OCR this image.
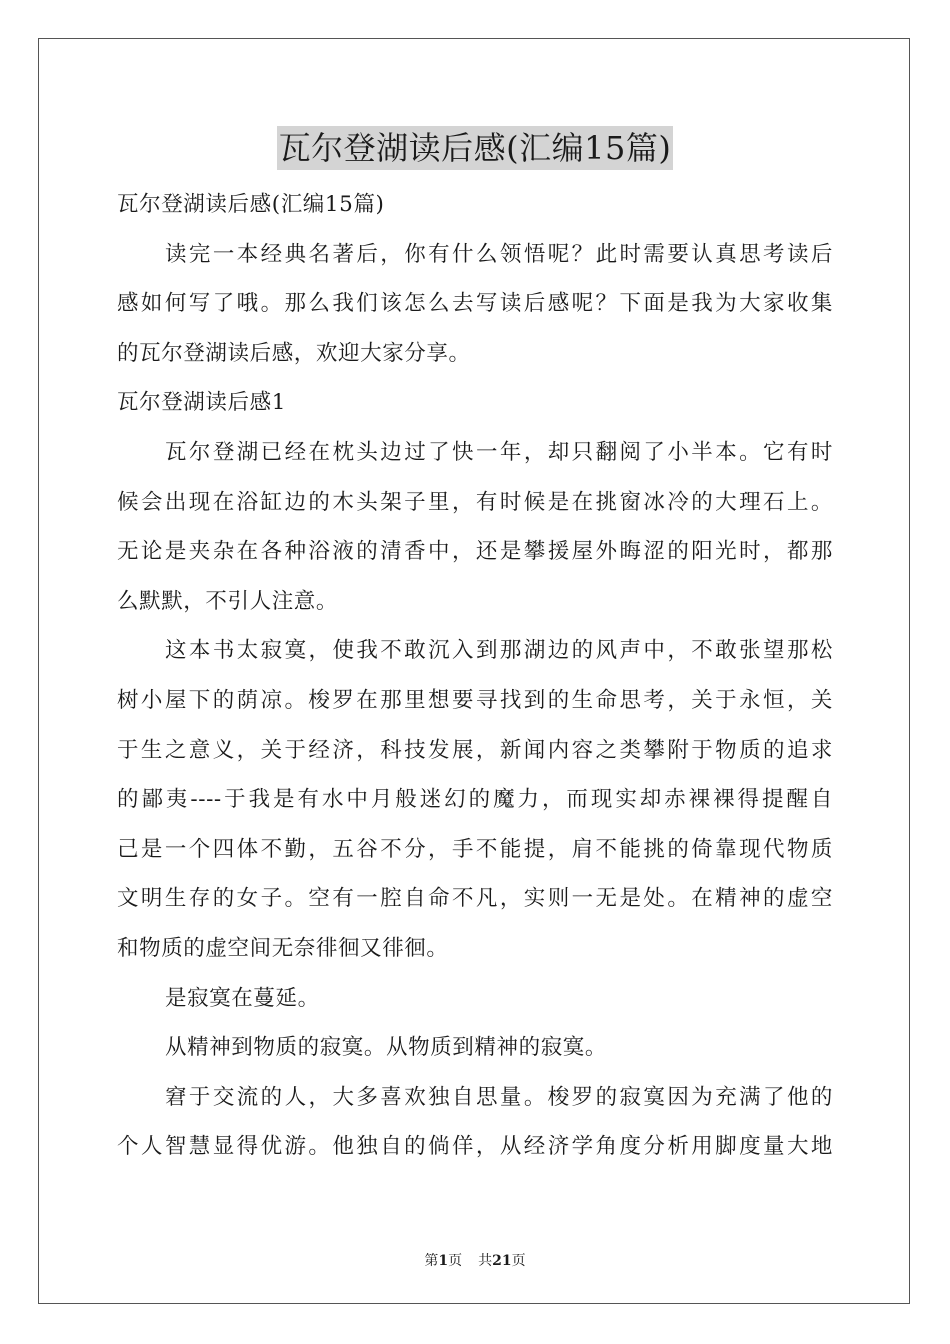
瓦尔登湖读后感(汇编15篇)
瓦尔登湖读后感(汇编15篇)
读完一本经典名著后，你有什么领悟呢？此时需要认真思考读后
感如何写了哦。那么我们该怎么去写读后感呢？下面是我为大家收集
的瓦尔登湖读后感，欢迎大家分享。
瓦尔登湖读后感1
瓦尔登湖已经在枕头边过了快一年，却只翻阅了小半本。它有时
候会出现在浴缸边的木头架子里，有时候是在挑窗冰冷的大理石上。
无论是夹杂在各种浴液的清香中，还是攀援屋外晦涩的阳光时，都那
么默默，不引人注意。
这本书太寂寞，使我不敢沉入到那湖边的风声中，不敢张望那松
树小屋下的荫凉。梭罗在那里想要寻找到的生命思考，关于永恒，关
于生之意义，关于经济，科技发展，新闻内容之类攀附于物质的追求
的鄙夷----于我是有水中月般迷幻的魔力，而现实却赤裸裸得提醒自
己是一个四体不勤，五谷不分，手不能提，肩不能挑的倚靠现代物质
文明生存的女子。空有一腔自命不凡，实则一无是处。在精神的虚空
和物质的虚空间无奈徘徊又徘徊。
是寂寞在蔓延。
从精神到物质的寂寞。从物质到精神的寂寞。
窘于交流的人，大多喜欢独自思量。梭罗的寂寞因为充满了他的
个人智慧显得优游。他独自的倘佯，从经济学角度分析用脚度量大地
第1页 共21页
